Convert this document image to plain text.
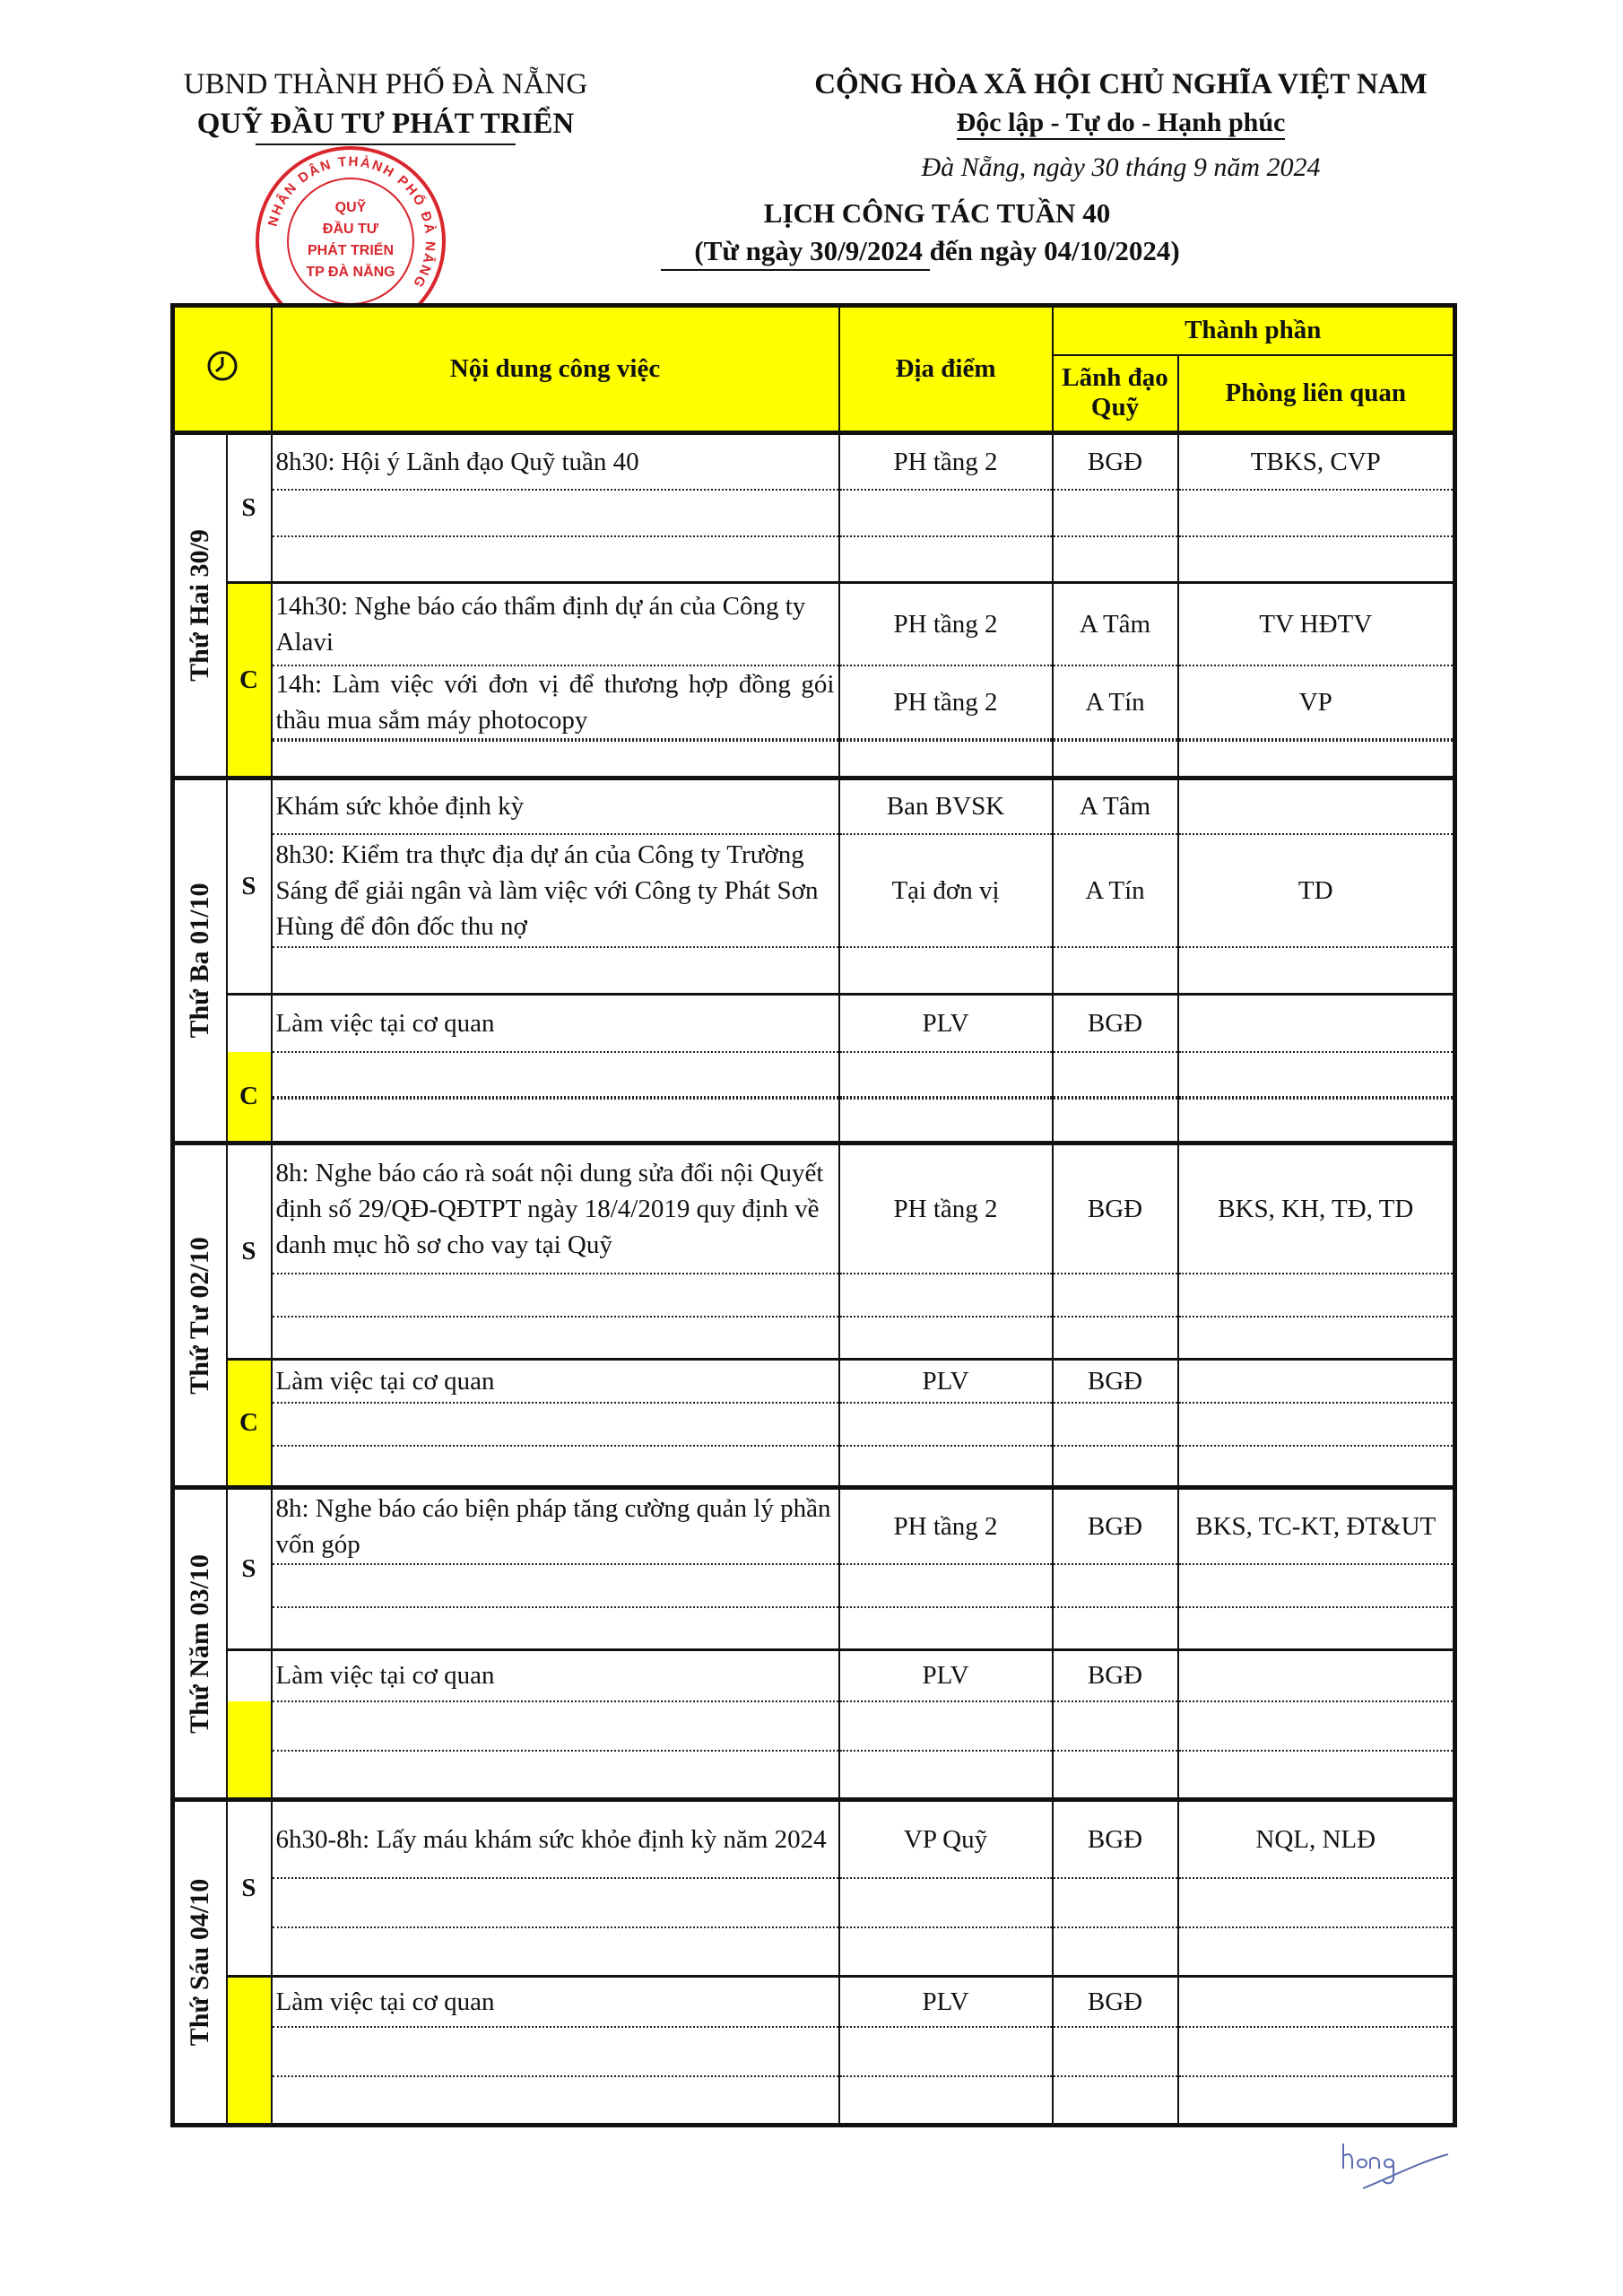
UBND THÀNH PHỐ ĐÀ NẴNG
QUỸ ĐẦU TƯ PHÁT TRIỂN
CỘNG HÒA XÃ HỘI CHỦ NGHĨA VIỆT NAM
Độc lập - Tự do - Hạnh phúc
Đà Nẵng, ngày 30 tháng 9 năm 2024
LỊCH CÔNG TÁC TUẦN 40
(Từ ngày 30/9/2024 đến ngày 04/10/2024)
NHÂN DÂN THÀNH PHỐ ĐÀ NẴNG
QUỸ
ĐẦU TƯ
PHÁT TRIỂN
TP ĐÀ NẴNG
	Nội dung công việc	Địa điểm	Thành phần	
				Lãnh đạo Quỹ	Phòng liên quan

Thứ Hai 30/9	S	8h30: Hội ý Lãnh đạo Quỹ tuần 40	PH tầng 2	BGĐ	TBKS, CVP

	C	14h30: Nghe báo cáo thẩm định dự án của Công ty Alavi	PH tầng 2	A Tâm	TV HĐTV

		14h: Làm việc với đơn vị để thương hợp đồng gói thầu mua sắm máy photocopy	PH tầng 2	A Tín	VP

Thứ Ba 01/10	S	Khám sức khỏe định kỳ	Ban BVSK	A Tâm	
		8h30: Kiểm tra thực địa dự án của Công ty Trường Sáng để giải ngân và làm việc với Công ty Phát Sơn Hùng để đôn đốc thu nợ	Tại đơn vị	A Tín	TD

		Làm việc tại cơ quan	PLV	BGĐ	
	C				

Thứ Tư 02/10	S	8h: Nghe báo cáo rà soát nội dung sửa đổi nội Quyết định số 29/QĐ-QĐTPT ngày 18/4/2019 quy định về danh mục hồ sơ cho vay tại Quỹ	PH tầng 2	BGĐ	BKS, KH, TĐ, TD

	C	Làm việc tại cơ quan	PLV	BGĐ	

Thứ Năm 03/10	S	8h: Nghe báo cáo biện pháp tăng cường quản lý phần vốn góp	PH tầng 2	BGĐ	BKS, TC-KT, ĐT&UT

		Làm việc tại cơ quan	PLV	BGĐ	

Thứ Sáu 04/10	S	6h30-8h: Lấy máu khám sức khỏe định kỳ năm 2024	VP Quỹ	BGĐ	NQL, NLĐ

		Làm việc tại cơ quan	PLV	BGĐ	
